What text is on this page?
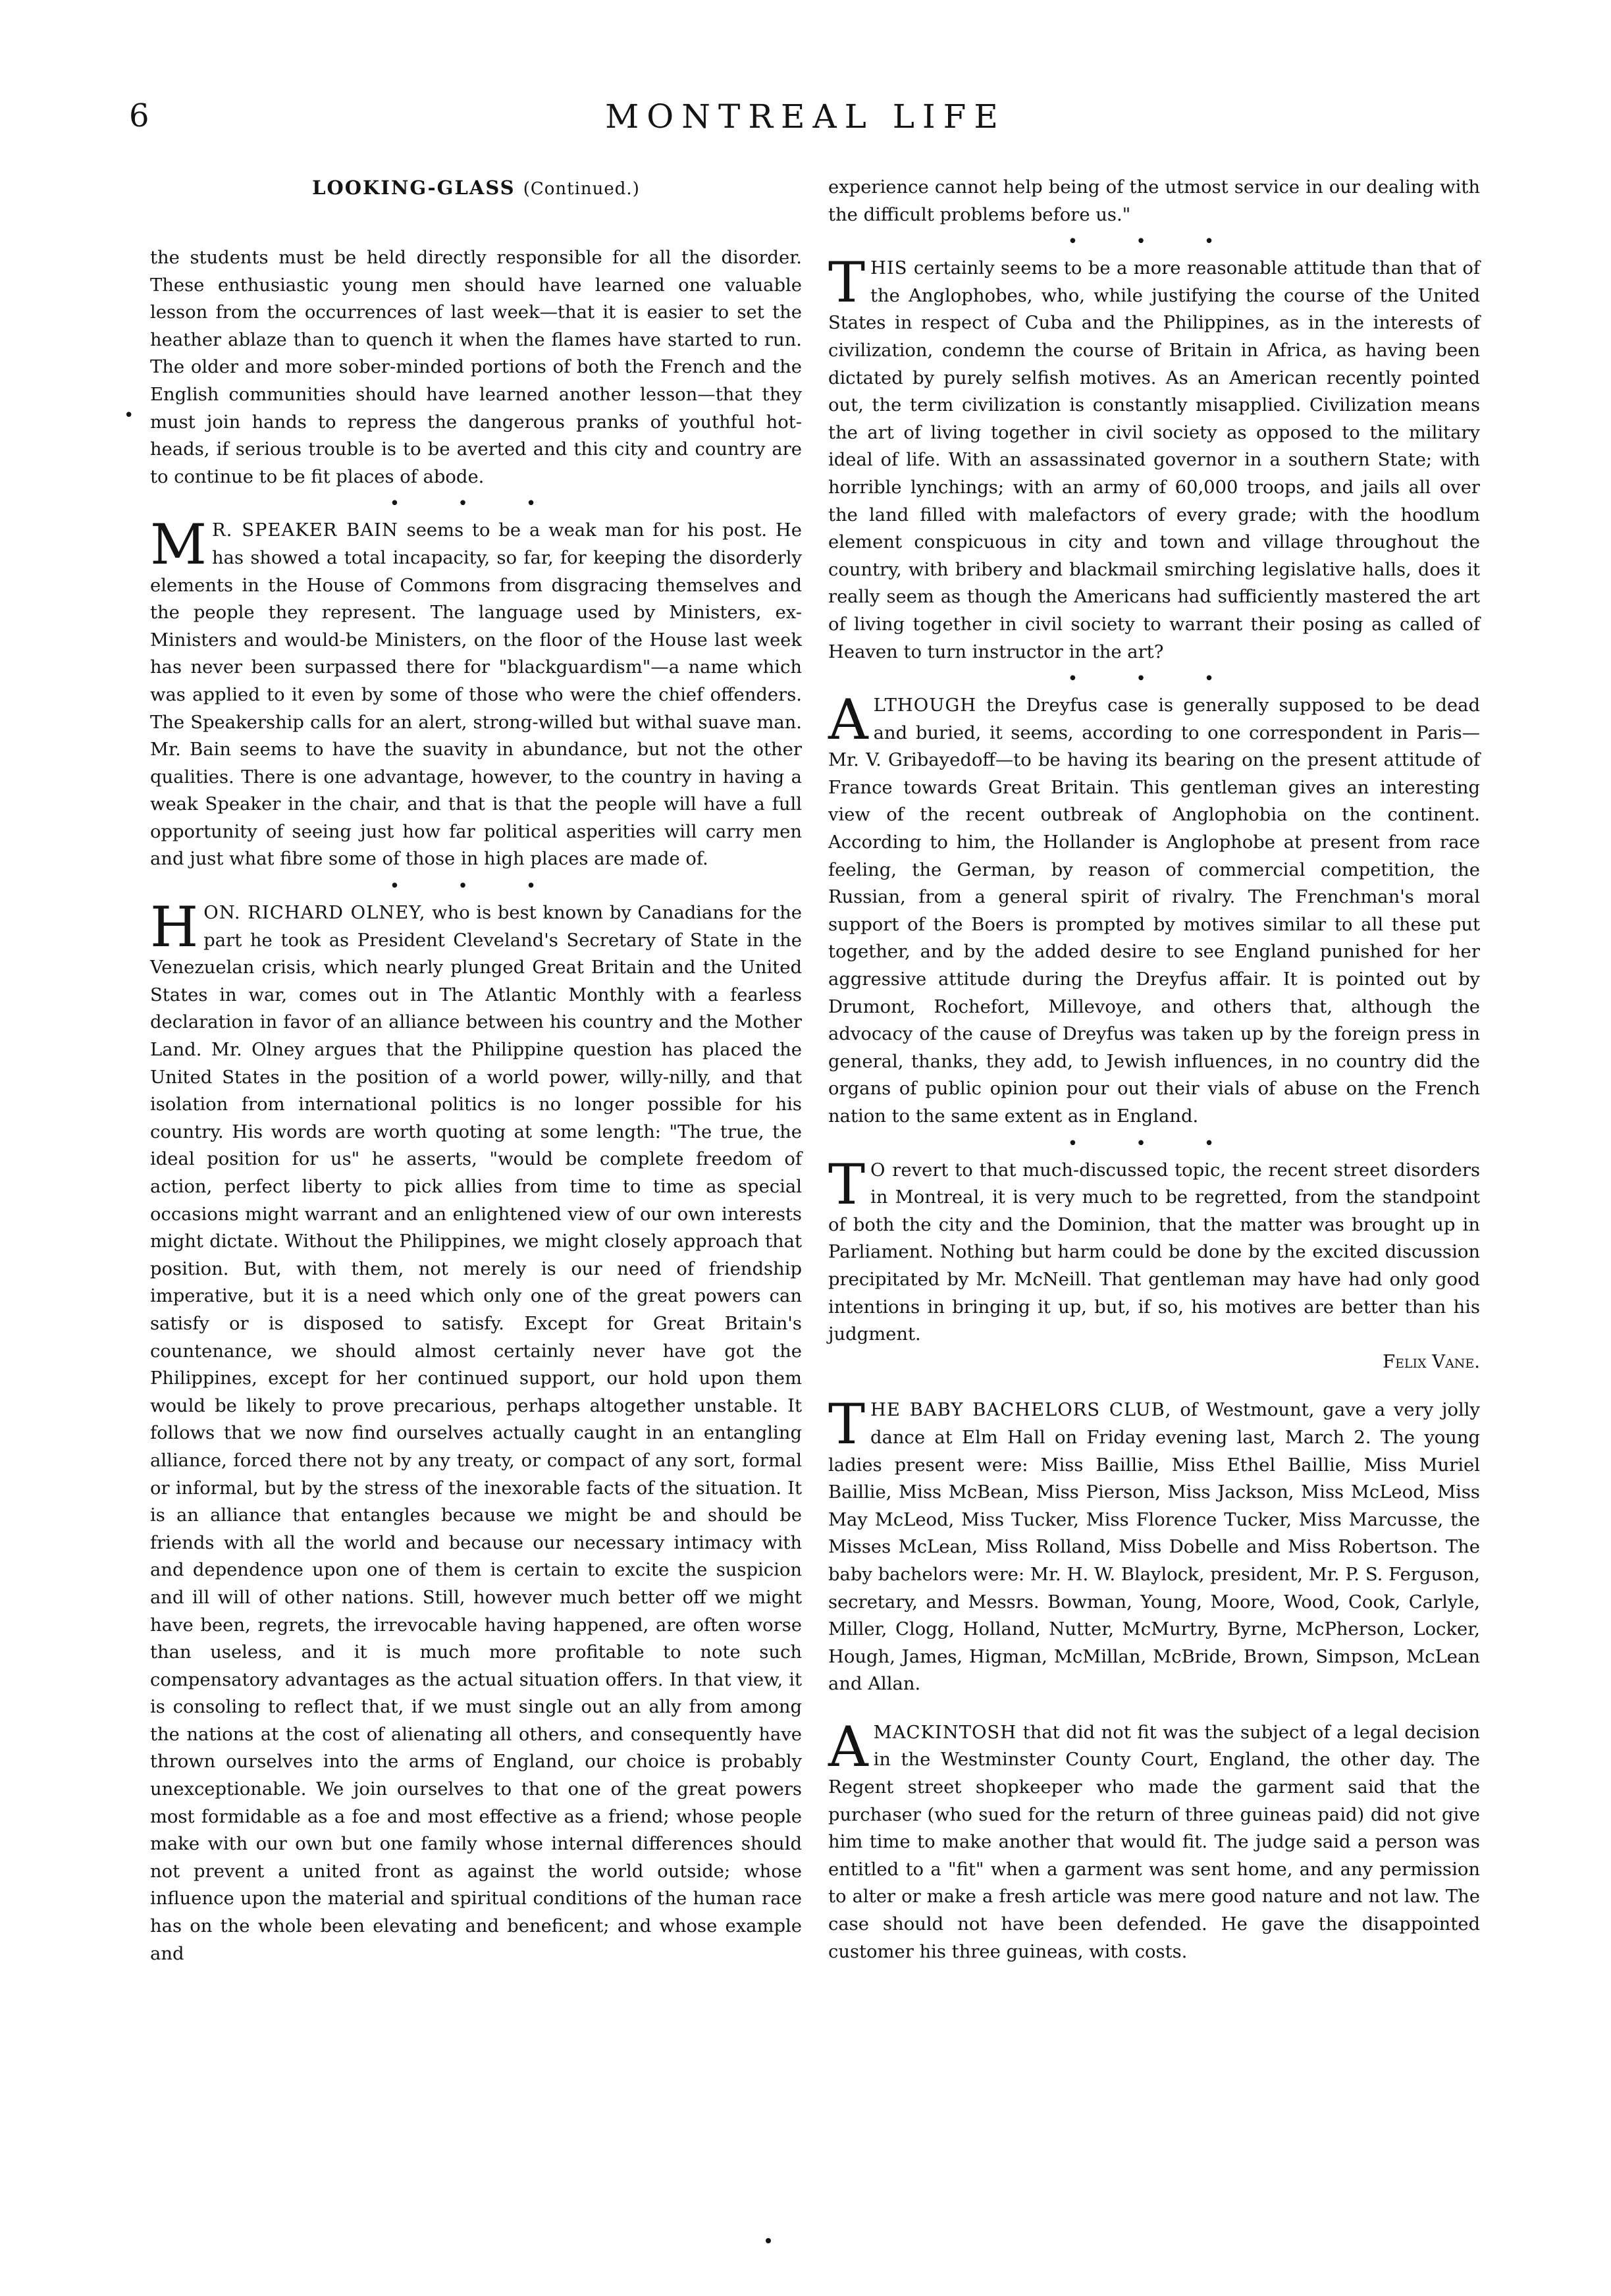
6	MONTREAL LIFE
•
LOOKING-GLASS (Continued.)

the students must be held directly responsible for all the disorder. These enthusiastic young men should have learned one valuable lesson from the occurrences of last week—that it is easier to set the heather ablaze than to quench it when the flames have started to run. The older and more sober-minded portions of both the French and the English communities should have learned another lesson—that they must join hands to repress the dangerous pranks of youthful hot-heads, if serious trouble is to be averted and this city and country are to continue to be fit places of abode.

• • •

M R. SPEAKER BAIN seems to be a weak man for his post. He has showed a total incapacity, so far, for keeping the disorderly elements in the House of Commons from disgracing themselves and the people they represent. The language used by Ministers, ex-Ministers and would-be Ministers, on the floor of the House last week has never been surpassed there for "blackguardism"—a name which was applied to it even by some of those who were the chief offenders. The Speakership calls for an alert, strong-willed but withal suave man. Mr. Bain seems to have the suavity in abundance, but not the other qualities. There is one advantage, however, to the country in having a weak Speaker in the chair, and that is that the people will have a full opportunity of seeing just how far political asperities will carry men and just what fibre some of those in high places are made of.

• • •

HON. RICHARD OLNEY, who is best known by Canadians for the part he took as President Cleveland's Secretary of State in the Venezuelan crisis, which nearly plunged Great Britain and the United States in war, comes out in The Atlantic Monthly with a fearless declaration in favor of an alliance between his country and the Mother Land. Mr. Olney argues that the Philippine question has placed the United States in the position of a world power, willy-nilly, and that isolation from international politics is no longer possible for his country. His words are worth quoting at some length: "The true, the ideal position for us" he asserts, "would be complete freedom of action, perfect liberty to pick allies from time to time as special occasions might warrant and an enlightened view of our own interests might dictate. Without the Philippines, we might closely approach that position. But, with them, not merely is our need of friendship imperative, but it is a need which only one of the great powers can satisfy or is disposed to satisfy. Except for Great Britain's countenance, we should almost certainly never have got the Philippines, except for her continued support, our hold upon them would be likely to prove precarious, perhaps altogether unstable. It follows that we now find ourselves actually caught in an entangling alliance, forced there not by any treaty, or compact of any sort, formal or informal, but by the stress of the inexorable facts of the situation. It is an alliance that entangles because we might be and should be friends with all the world and because our necessary intimacy with and dependence upon one of them is certain to excite the suspicion and ill will of other nations. Still, however much better off we might have been, regrets, the irrevocable having happened, are often worse than useless, and it is much more profitable to note such compensatory advantages as the actual situation offers. In that view, it is consoling to reflect that, if we must single out an ally from among the nations at the cost of alienating all others, and consequently have thrown ourselves into the arms of England, our choice is probably unexceptionable. We join ourselves to that one of the great powers most formidable as a foe and most effective as a friend; whose people make with our own but one family whose internal differences should not prevent a united front as against the world outside; whose influence upon the material and spiritual conditions of the human race has on the whole been elevating and beneficent; and whose example and

experience cannot help being of the utmost service in our dealing with the difficult problems before us."

• • •

THIS certainly seems to be a more reasonable attitude than that of the Anglophobes, who, while justifying the course of the United States in respect of Cuba and the Philippines, as in the interests of civilization, condemn the course of Britain in Africa, as having been dictated by purely selfish motives. As an American recently pointed out, the term civilization is constantly misapplied. Civilization means the art of living together in civil society as opposed to the military ideal of life. With an assassinated governor in a southern State; with horrible lynchings; with an army of 60,000 troops, and jails all over the land filled with malefactors of every grade; with the hoodlum element conspicuous in city and town and village throughout the country, with bribery and blackmail smirching legislative halls, does it really seem as though the Americans had sufficiently mastered the art of living together in civil society to warrant their posing as called of Heaven to turn instructor in the art?

• • •

ALTHOUGH the Dreyfus case is generally supposed to be dead and buried, it seems, according to one correspondent in Paris—Mr. V. Gribayedoff—to be having its bearing on the present attitude of France towards Great Britain. This gentleman gives an interesting view of the recent outbreak of Anglophobia on the continent. According to him, the Hollander is Anglophobe at present from race feeling, the German, by reason of commercial competition, the Russian, from a general spirit of rivalry. The Frenchman's moral support of the Boers is prompted by motives similar to all these put together, and by the added desire to see England punished for her aggressive attitude during the Dreyfus affair. It is pointed out by Drumont, Rochefort, Millevoye, and others that, although the advocacy of the cause of Dreyfus was taken up by the foreign press in general, thanks, they add, to Jewish influences, in no country did the organs of public opinion pour out their vials of abuse on the French nation to the same extent as in England.

• • •

T O revert to that much-discussed topic, the recent street disorders in Montreal, it is very much to be regretted, from the standpoint of both the city and the Dominion, that the matter was brought up in Parliament. Nothing but harm could be done by the excited discussion precipitated by Mr. McNeill. That gentleman may have had only good intentions in bringing it up, but, if so, his motives are better than his judgment.

Felix Vane.

THE BABY BACHELORS CLUB, of Westmount, gave a very jolly dance at Elm Hall on Friday evening last, March 2. The young ladies present were: Miss Baillie, Miss Ethel Baillie, Miss Muriel Baillie, Miss McBean, Miss Pierson, Miss Jackson, Miss McLeod, Miss May McLeod, Miss Tucker, Miss Florence Tucker, Miss Marcusse, the Misses McLean, Miss Rolland, Miss Dobelle and Miss Robertson. The baby bachelors were: Mr. H. W. Blaylock, president, Mr. P. S. Ferguson, secretary, and Messrs. Bowman, Young, Moore, Wood, Cook, Carlyle, Miller, Clogg, Holland, Nutter, McMurtry, Byrne, McPherson, Locker, Hough, James, Higman, McMillan, McBride, Brown, Simpson, McLean and Allan.

AMACKINTOSH that did not fit was the subject of a legal decision in the Westminster County Court, England, the other day. The Regent street shopkeeper who made the garment said that the purchaser (who sued for the return of three guineas paid) did not give him time to make another that would fit. The judge said a person was entitled to a "fit" when a garment was sent home, and any permission to alter or make a fresh article was mere good nature and not law. The case should not have been defended. He gave the disappointed customer his three guineas, with costs.
